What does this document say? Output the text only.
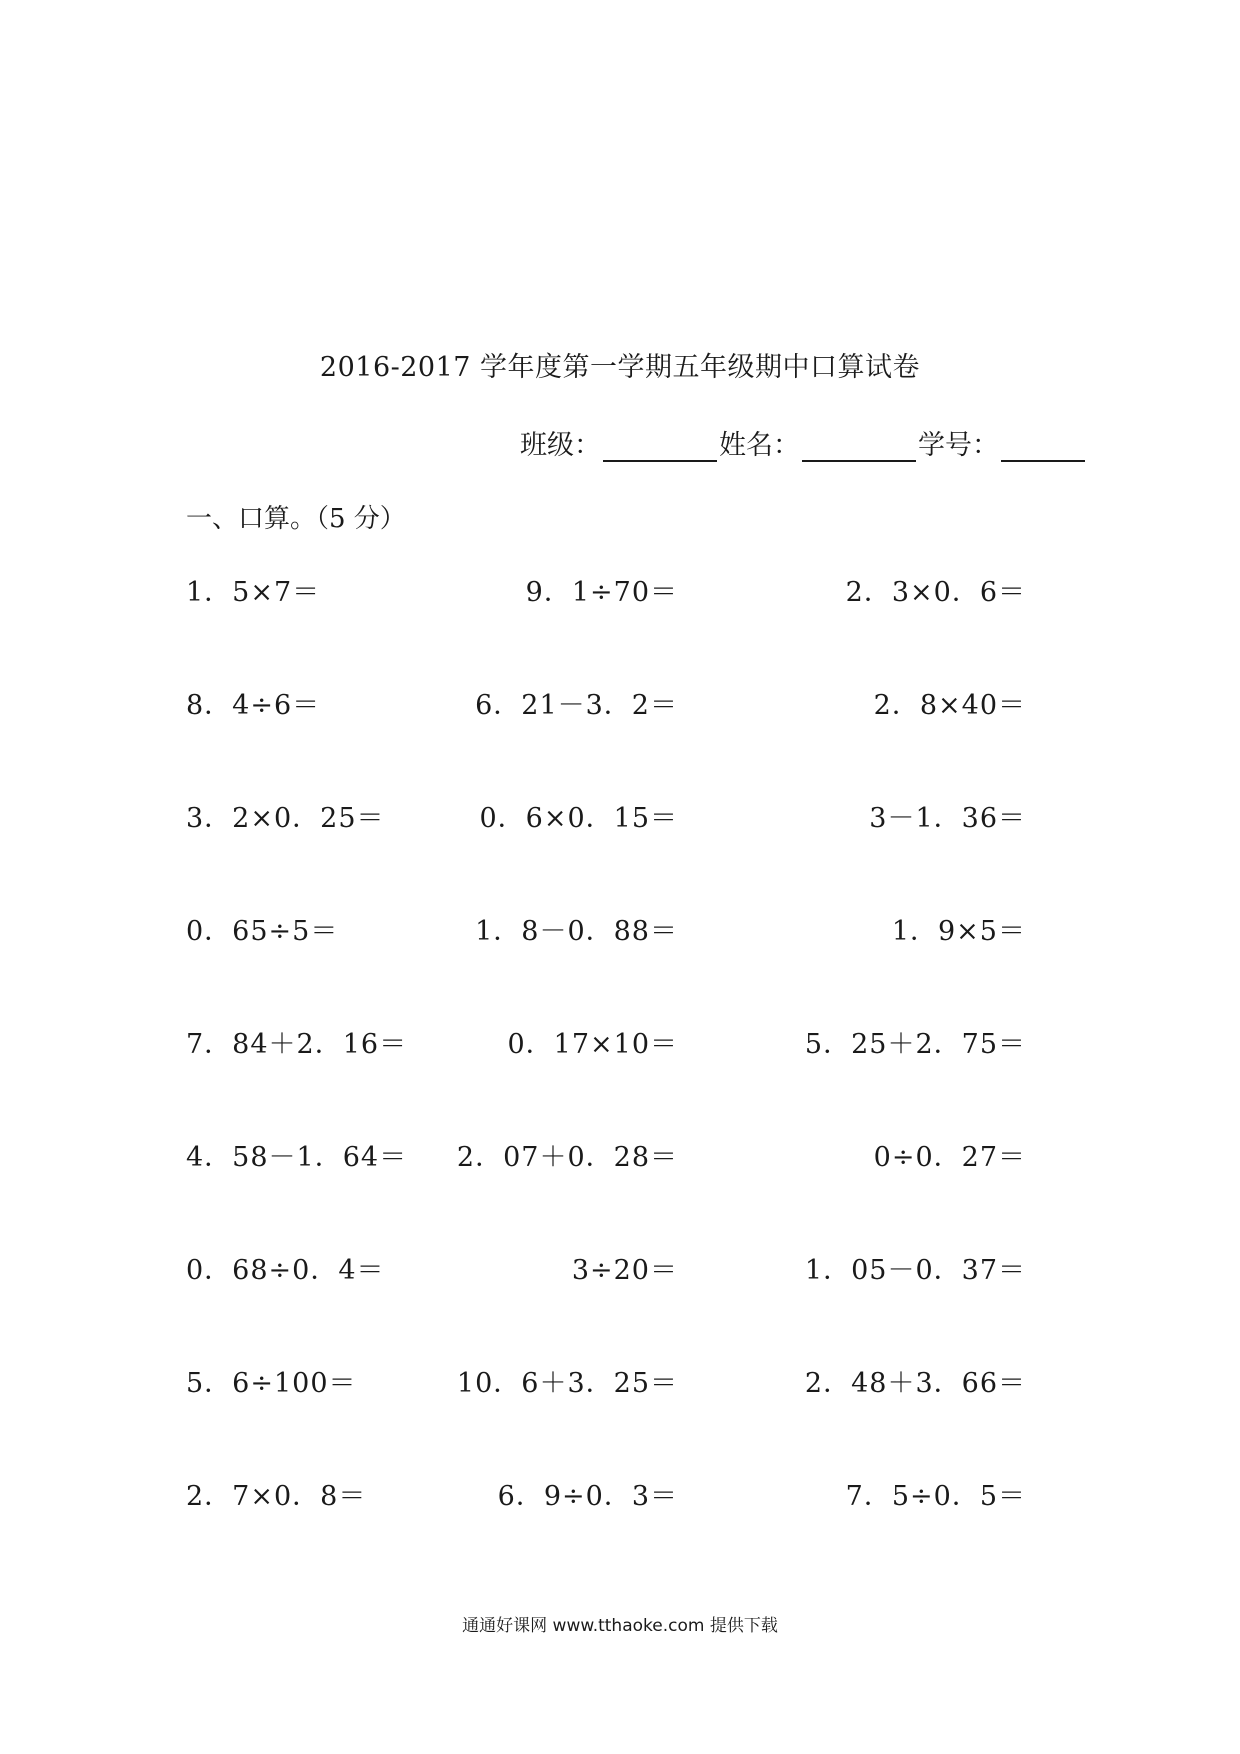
2016-2017 学年度第一学期五年级期中口算试卷
班级：	姓名：	学号：
一、口算。（5 分）
1．5×7＝	9．1÷70＝	2．3×0．6＝
8．4÷6＝	6．21－3．2＝	2．8×40＝
3．2×0．25＝	0．6×0．15＝	3－1．36＝
0．65÷5＝	1．8－0．88＝	1．9×5＝
7．84＋2．16＝	0．17×10＝	5．25＋2．75＝
4．58－1．64＝	2．07＋0．28＝	0÷0．27＝
0．68÷0．4＝	3÷20＝	1．05－0．37＝
5．6÷100＝	10．6＋3．25＝	2．48＋3．66＝
2．7×0．8＝	6．9÷0．3＝	7．5÷0．5＝
通通好课网 www.tthaoke.com 提供下载
